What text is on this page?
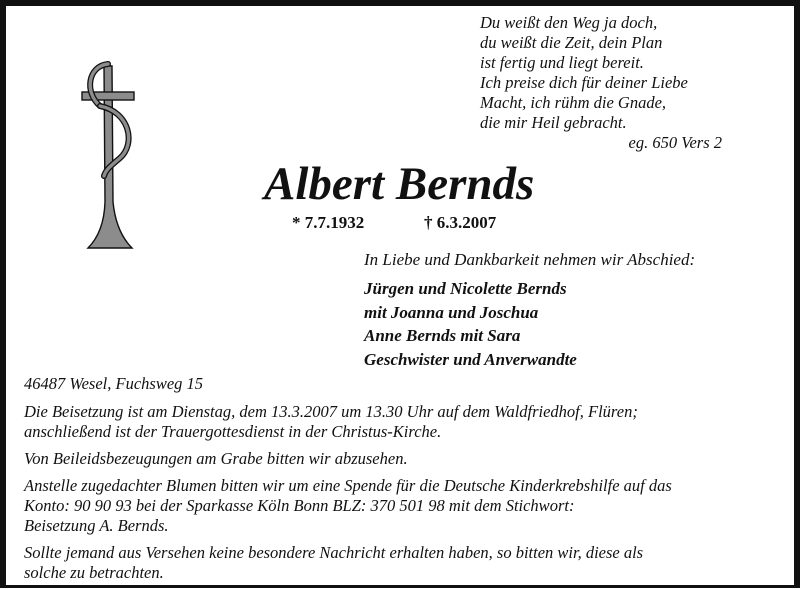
Du weißt den Weg ja doch,
du weißt die Zeit, dein Plan
ist fertig und liegt bereit.
Ich preise dich für deiner Liebe
Macht, ich rühm die Gnade,
die mir Heil gebracht.
eg. 650 Vers 2
Albert Bernds
* 7.7.1932	† 6.3.2007
In Liebe und Dankbarkeit nehmen wir Abschied:
Jürgen und Nicolette Bernds
mit Joanna und Joschua
Anne Bernds mit Sara
Geschwister und Anverwandte
46487 Wesel, Fuchsweg 15

Die Beisetzung ist am Dienstag, dem 13.3.2007 um 13.30 Uhr auf dem Waldfriedhof, Flüren;
anschließend ist der Trauergottesdienst in der Christus-Kirche.

Von Beileidsbezeugungen am Grabe bitten wir abzusehen.

Anstelle zugedachter Blumen bitten wir um eine Spende für die Deutsche Kinderkrebshilfe auf das
Konto: 90 90 93 bei der Sparkasse Köln Bonn BLZ: 370 501 98 mit dem Stichwort:
Beisetzung A. Bernds.

Sollte jemand aus Versehen keine besondere Nachricht erhalten haben, so bitten wir, diese als
solche zu betrachten.
